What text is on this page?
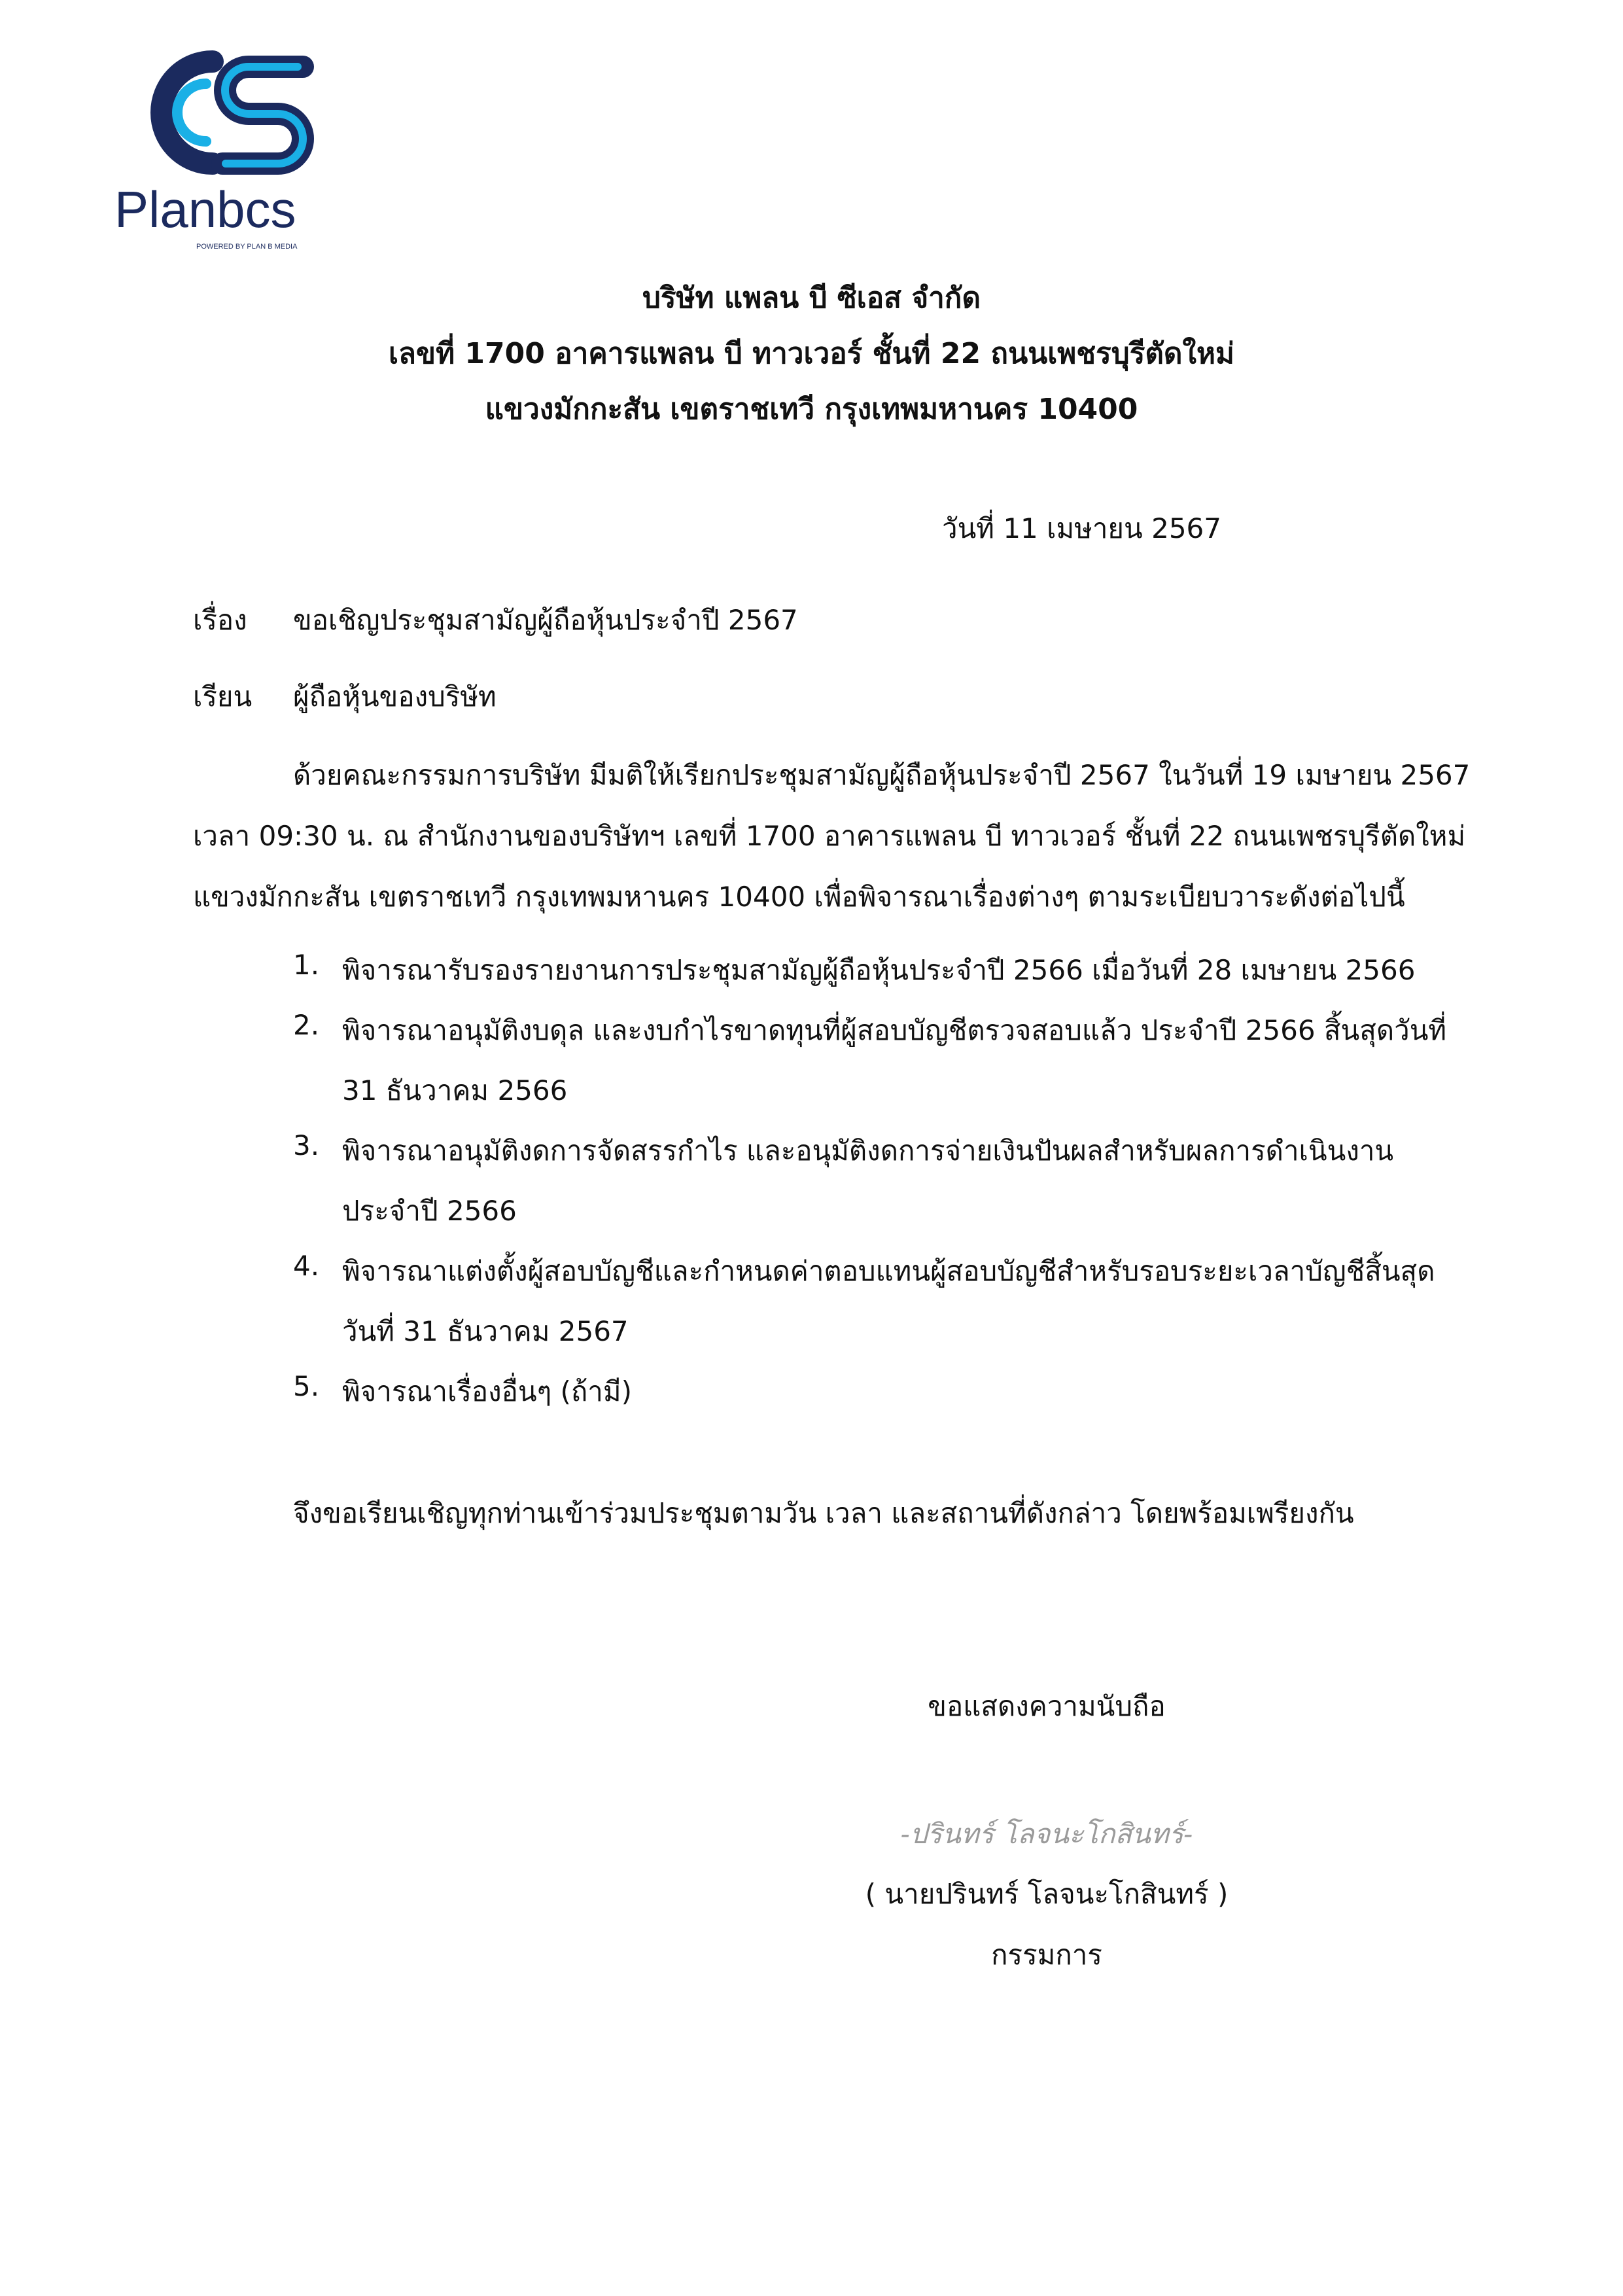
Planbcs
POWERED BY PLAN B MEDIA
บริษัท แพลน บี ซีเอส จำกัด
เลขที่ 1700 อาคารแพลน บี ทาวเวอร์ ชั้นที่ 22 ถนนเพชรบุรีตัดใหม่
แขวงมักกะสัน เขตราชเทวี กรุงเทพมหานคร 10400
วันที่ 11 เมษายน 2567
เรื่อง ขอเชิญประชุมสามัญผู้ถือหุ้นประจำปี 2567
เรียน ผู้ถือหุ้นของบริษัท
ด้วยคณะกรรมการบริษัท มีมติให้เรียกประชุมสามัญผู้ถือหุ้นประจำปี 2567 ในวันที่ 19 เมษายน 2567
เวลา 09:30 น. ณ สำนักงานของบริษัทฯ เลขที่ 1700 อาคารแพลน บี ทาวเวอร์ ชั้นที่ 22 ถนนเพชรบุรีตัดใหม่
แขวงมักกะสัน เขตราชเทวี กรุงเทพมหานคร 10400 เพื่อพิจารณาเรื่องต่างๆ ตามระเบียบวาระดังต่อไปนี้
1. พิจารณารับรองรายงานการประชุมสามัญผู้ถือหุ้นประจำปี 2566 เมื่อวันที่ 28 เมษายน 2566
2. พิจารณาอนุมัติงบดุล และงบกำไรขาดทุนที่ผู้สอบบัญชีตรวจสอบแล้ว ประจำปี 2566 สิ้นสุดวันที่
31 ธันวาคม 2566
3. พิจารณาอนุมัติงดการจัดสรรกำไร และอนุมัติงดการจ่ายเงินปันผลสำหรับผลการดำเนินงาน
ประจำปี 2566
4. พิจารณาแต่งตั้งผู้สอบบัญชีและกำหนดค่าตอบแทนผู้สอบบัญชีสำหรับรอบระยะเวลาบัญชีสิ้นสุด
วันที่ 31 ธันวาคม 2567
5. พิจารณาเรื่องอื่นๆ (ถ้ามี)
จึงขอเรียนเชิญทุกท่านเข้าร่วมประชุมตามวัน เวลา และสถานที่ดังกล่าว โดยพร้อมเพรียงกัน
ขอแสดงความนับถือ
-ปรินทร์ โลจนะโกสินทร์-
( นายปรินทร์ โลจนะโกสินทร์ )
กรรมการ
